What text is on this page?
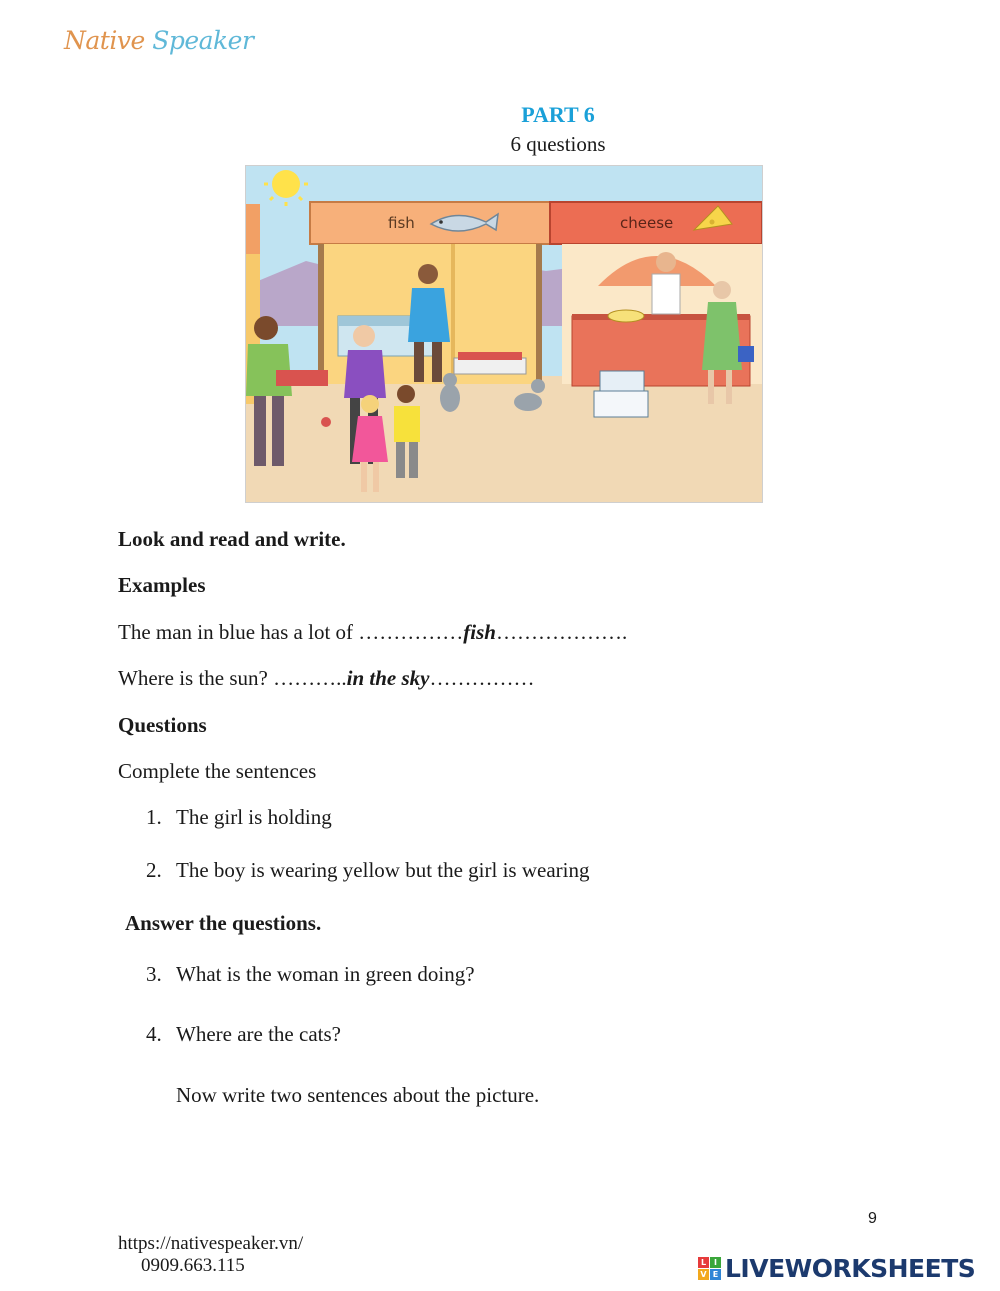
Native Speaker
PART 6
6 questions
fish	cheese
Look and read and write.
Examples
The man in blue has a lot of ……………fish……………….
Where is the sun? ………..in the sky……………
Questions
Complete the sentences
1. The girl is holding
2. The boy is wearing yellow but the girl is wearing
Answer the questions.
3. What is the woman in green doing?
4. Where are the cats?
Now write two sentences about the picture.
9
https://nativespeaker.vn/
0909.663.115	L I
V E LIVEWORKSHEETS
